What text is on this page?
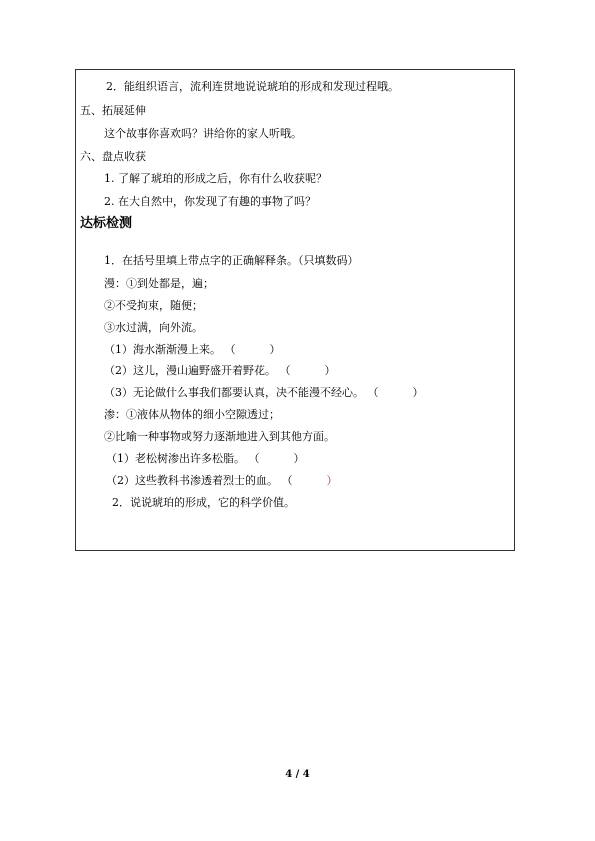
2．能组织语言，流利连贯地说说琥珀的形成和发现过程哦。
五、拓展延伸
这个故事你喜欢吗？讲给你的家人听哦。
六、盘点收获
1. 了解了琥珀的形成之后，你有什么收获呢？
2. 在大自然中，你发现了有趣的事物了吗？
达标检测
1．在括号里填上带点字的正确解释条。（只填数码）
漫：①到处都是，遍；
②不受拘束，随便；
③水过满，向外流。
（1）海水渐渐漫上来。 （	）
（2）这儿，漫山遍野盛开着野花。 （	）
（3）无论做什么事我们都要认真，决不能漫不经心。 （	）
渗：①液体从物体的细小空隙透过；
②比喻一种事物或努力逐渐地进入到其他方面。
（1）老松树渗出许多松脂。 （	）
（2）这些教科书渗透着烈士的血。 （	）
2．说说琥珀的形成，它的科学价值。
4 / 4
